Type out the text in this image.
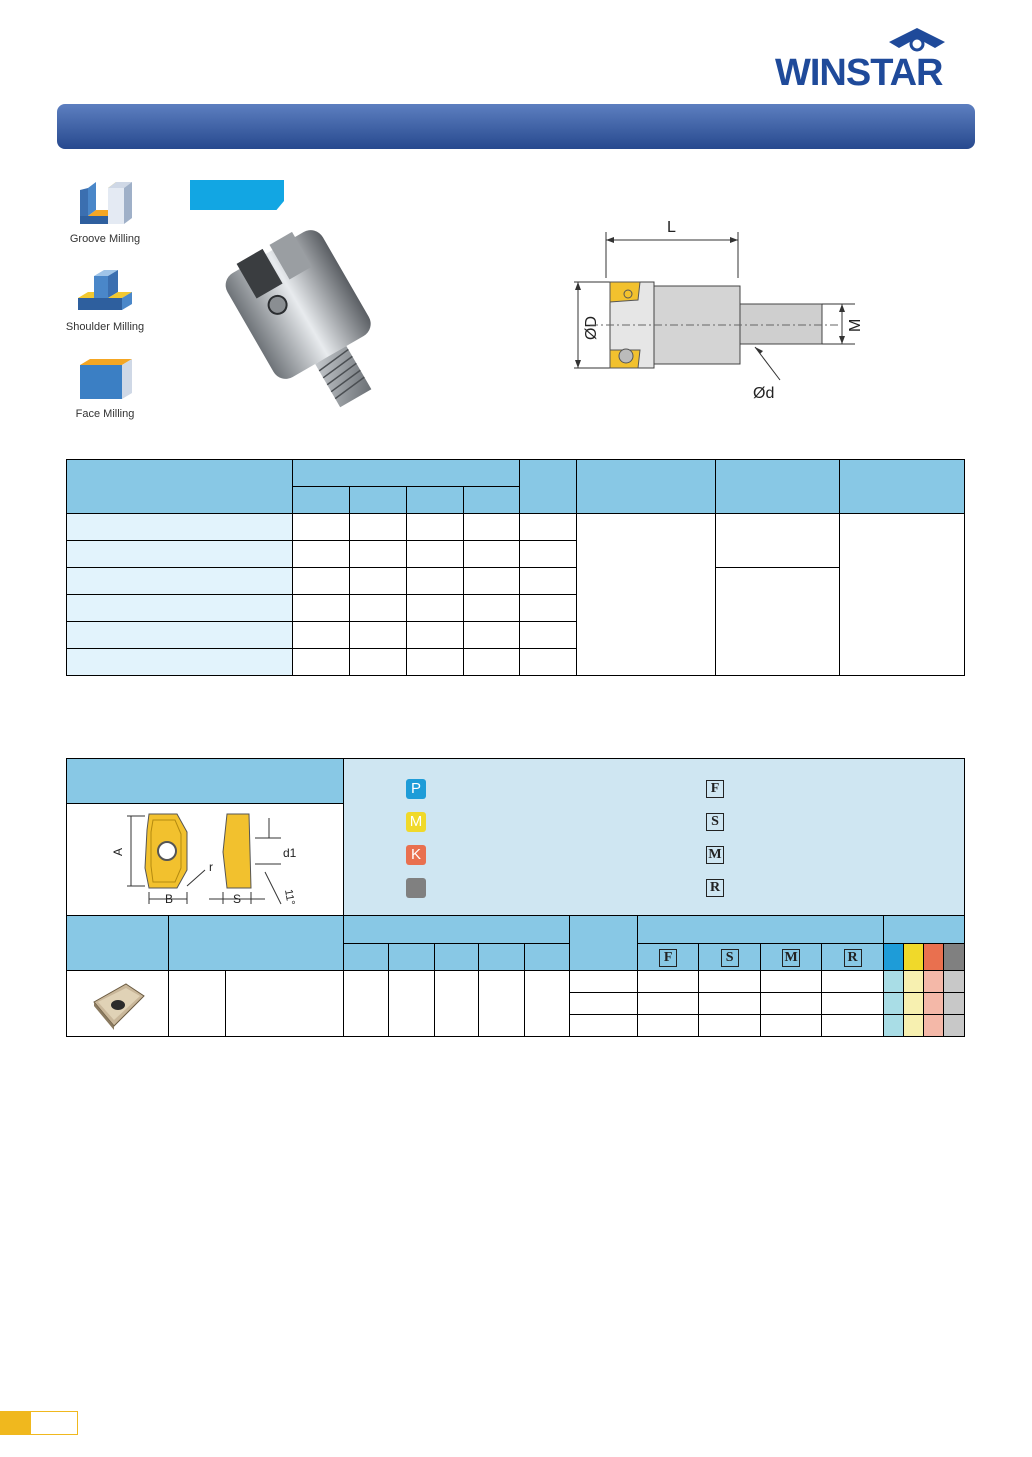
WINSTAR
Groove Milling
Shoulder Milling
Face Milling
L
ØD	M
Ød

									F	S	M	R				

P
M
K
F
S
M
R
A
B
r
d1
S	11°
